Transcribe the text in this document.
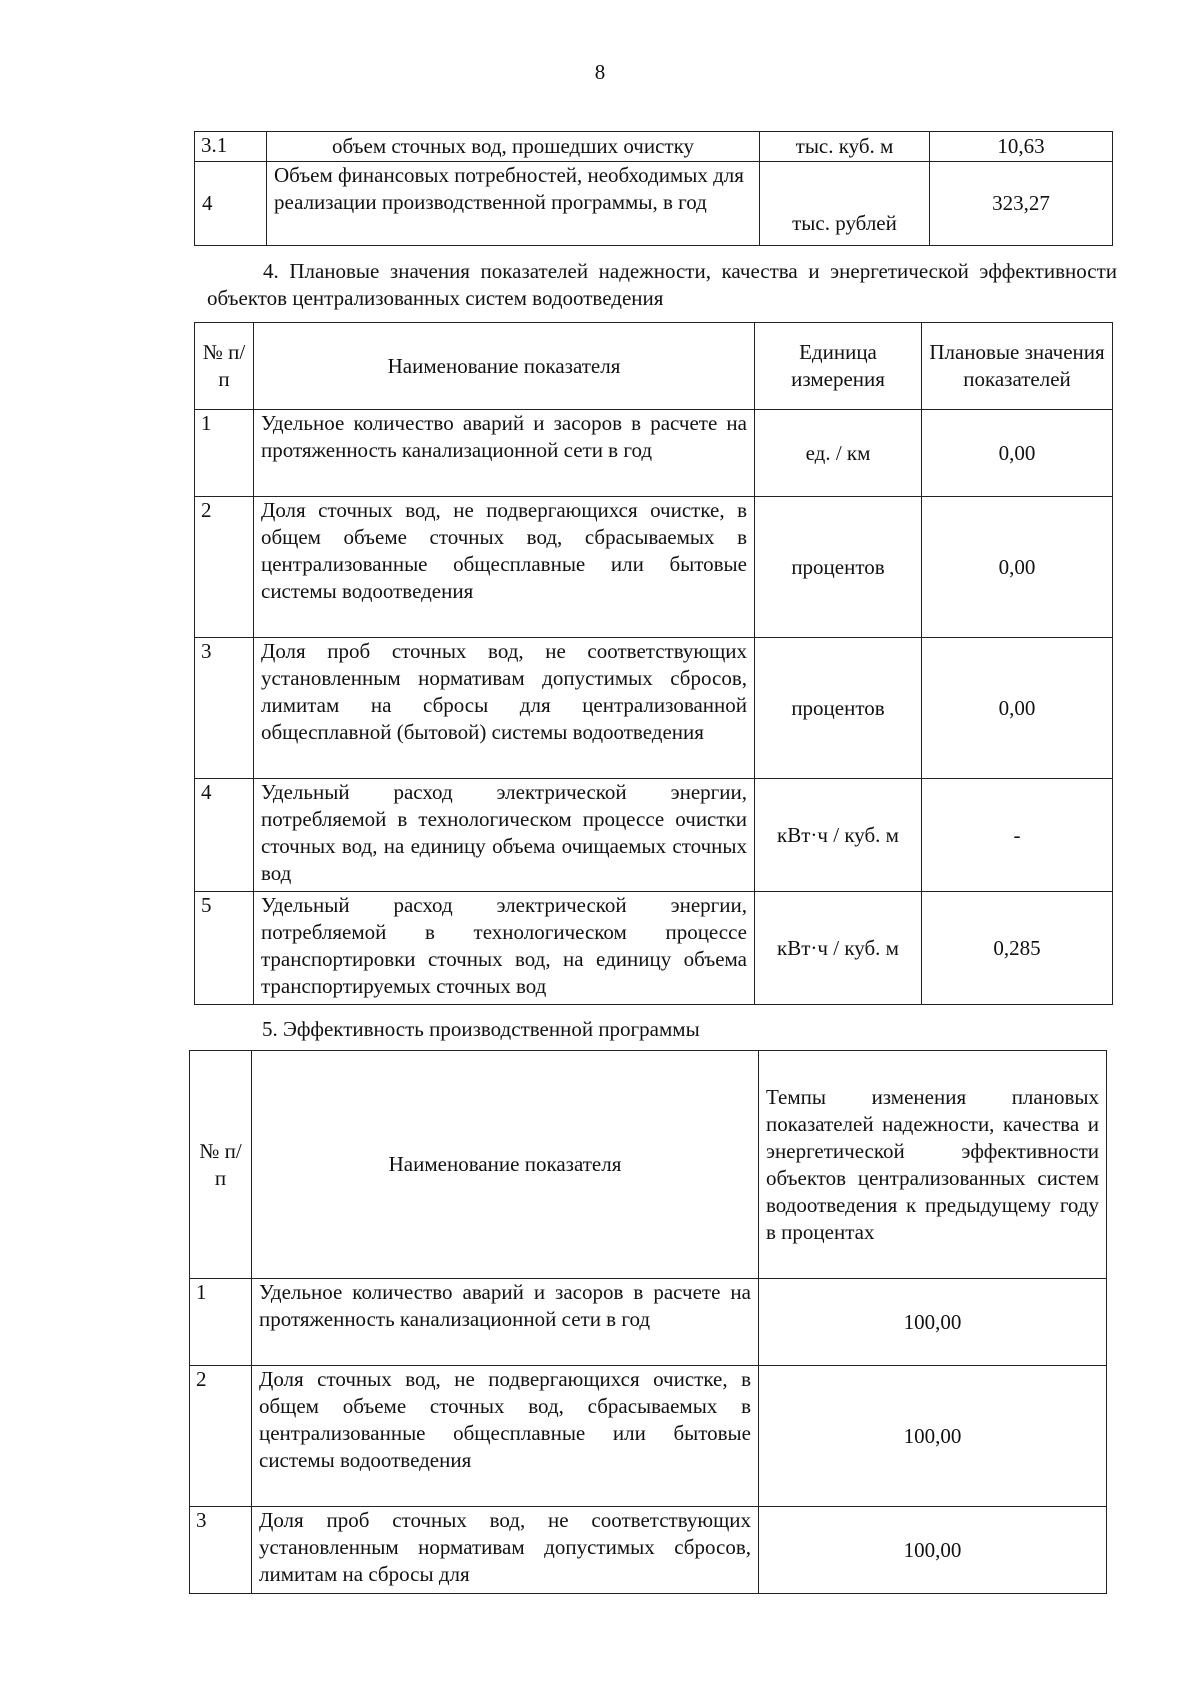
8
3.1	объем сточных вод, прошедших очистку	тыс. куб. м	10,63
4	Объем финансовых потребностей, необходимых для реализации производственной программы, в год	тыс. рублей	323,27
4. Плановые значения показателей надежности, качества и энергетической эффективности объектов централизованных систем водоотведения
№ п/п	Наименование показателя	Единица измерения	Плановые значения показателей
1	Удельное количество аварий и засоров в расчете на протяженность канализационной сети в год	ед. / км	0,00
2	Доля сточных вод, не подвергающихся очистке, в общем объеме сточных вод, сбрасываемых в централизованные общесплавные или бытовые системы водоотведения	процентов	0,00
3	Доля проб сточных вод, не соответствующих установленным нормативам допустимых сбросов, лимитам на сбросы для централизованной общесплавной (бытовой) системы водоотведения	процентов	0,00
4	Удельный расход электрической энергии, потребляемой в технологическом процессе очистки сточных вод, на единицу объема очищаемых сточных вод	кВт·ч / куб. м	-
5	Удельный расход электрической энергии, потребляемой в технологическом процессе транспортировки сточных вод, на единицу объема транспортируемых сточных вод	кВт·ч / куб. м	0,285
5. Эффективность производственной программы
№ п/п	Наименование показателя	Темпы изменения плановых показателей надежности, качества и энергетической эффективности объектов централизованных систем водоотведения к предыдущему году в процентах
1	Удельное количество аварий и засоров в расчете на протяженность канализационной сети в год	100,00
2	Доля сточных вод, не подвергающихся очистке, в общем объеме сточных вод, сбрасываемых в централизованные общесплавные или бытовые системы водоотведения	100,00
3	Доля проб сточных вод, не соответствующих установленным нормативам допустимых сбросов, лимитам на сбросы для	100,00
